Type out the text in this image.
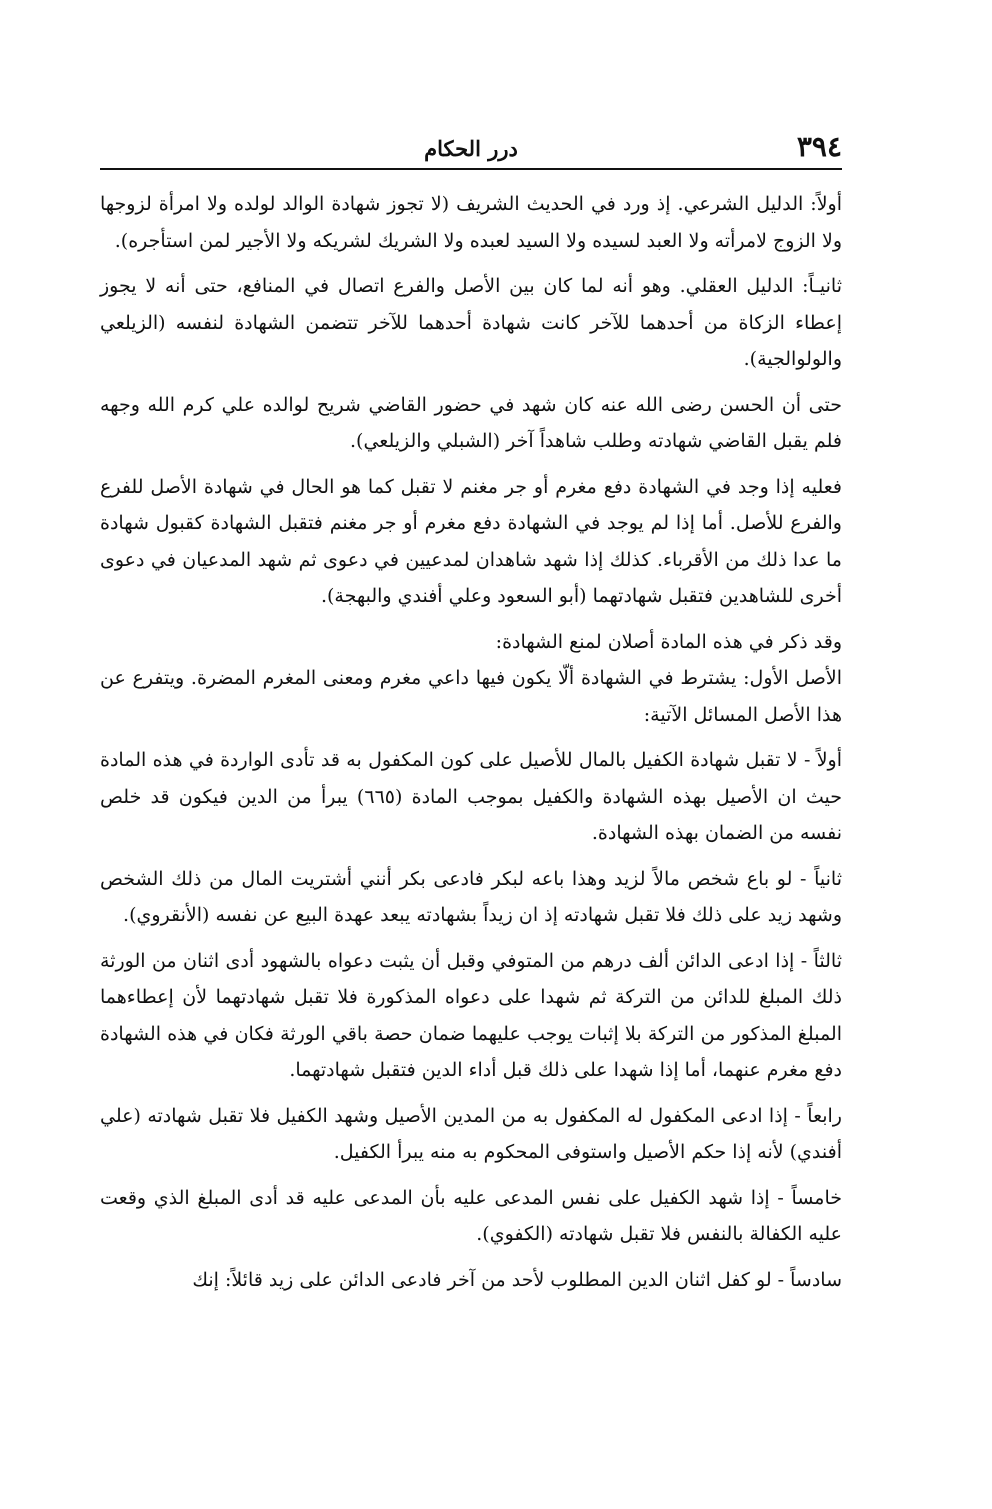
٣٩٤
درر الحكام

أولاً: الدليل الشرعي. إذ ورد في الحديث الشريف (لا تجوز شهادة الوالد لولده ولا امرأة لزوجها ولا الزوج لامرأته ولا العبد لسيده ولا السيد لعبده ولا الشريك لشريكه ولا الأجير لمن استأجره).

ثانيـاً: الدليل العقلي. وهو أنه لما كان بين الأصل والفرع اتصال في المنافع، حتى أنه لا يجوز إعطاء الزكاة من أحدهما للآخر كانت شهادة أحدهما للآخر تتضمن الشهادة لنفسه (الزيلعي والولوالجية).

حتى أن الحسن رضى الله عنه كان شهد في حضور القاضي شريح لوالده علي كرم الله وجهه فلم يقبل القاضي شهادته وطلب شاهداً آخر (الشبلي والزيلعي).

فعليه إذا وجد في الشهادة دفع مغرم أو جر مغنم لا تقبل كما هو الحال في شهادة الأصل للفرع والفرع للأصل. أما إذا لم يوجد في الشهادة دفع مغرم أو جر مغنم فتقبل الشهادة كقبول شهادة ما عدا ذلك من الأقرباء. كذلك إذا شهد شاهدان لمدعيين في دعوى ثم شهد المدعيان في دعوى أخرى للشاهدين فتقبل شهادتهما (أبو السعود وعلي أفندي والبهجة).

وقد ذكر في هذه المادة أصلان لمنع الشهادة:

الأصل الأول: يشترط في الشهادة ألّا يكون فيها داعي مغرم ومعنى المغرم المضرة. ويتفرع عن هذا الأصل المسائل الآتية:

أولاً - لا تقبل شهادة الكفيل بالمال للأصيل على كون المكفول به قد تأدى الواردة في هذه المادة حيث ان الأصيل بهذه الشهادة والكفيل بموجب المادة (٦٦٥) يبرأ من الدين فيكون قد خلص نفسه من الضمان بهذه الشهادة.

ثانياً - لو باع شخص مالاً لزيد وهذا باعه لبكر فادعى بكر أنني أشتريت المال من ذلك الشخص وشهد زيد على ذلك فلا تقبل شهادته إذ ان زيداً بشهادته يبعد عهدة البيع عن نفسه (الأنقروي).

ثالثاً - إذا ادعى الدائن ألف درهم من المتوفي وقبل أن يثبت دعواه بالشهود أدى اثنان من الورثة ذلك المبلغ للدائن من التركة ثم شهدا على دعواه المذكورة فلا تقبل شهادتهما لأن إعطاءهما المبلغ المذكور من التركة بلا إثبات يوجب عليهما ضمان حصة باقي الورثة فكان في هذه الشهادة دفع مغرم عنهما، أما إذا شهدا على ذلك قبل أداء الدين فتقبل شهادتهما.

رابعاً - إذا ادعى المكفول له المكفول به من المدين الأصيل وشهد الكفيل فلا تقبل شهادته (علي أفندي) لأنه إذا حكم الأصيل واستوفى المحكوم به منه يبرأ الكفيل.

خامساً - إذا شهد الكفيل على نفس المدعى عليه بأن المدعى عليه قد أدى المبلغ الذي وقعت عليه الكفالة بالنفس فلا تقبل شهادته (الكفوي).

سادساً - لو كفل اثنان الدين المطلوب لأحد من آخر فادعى الدائن على زيد قائلاً: إنك
